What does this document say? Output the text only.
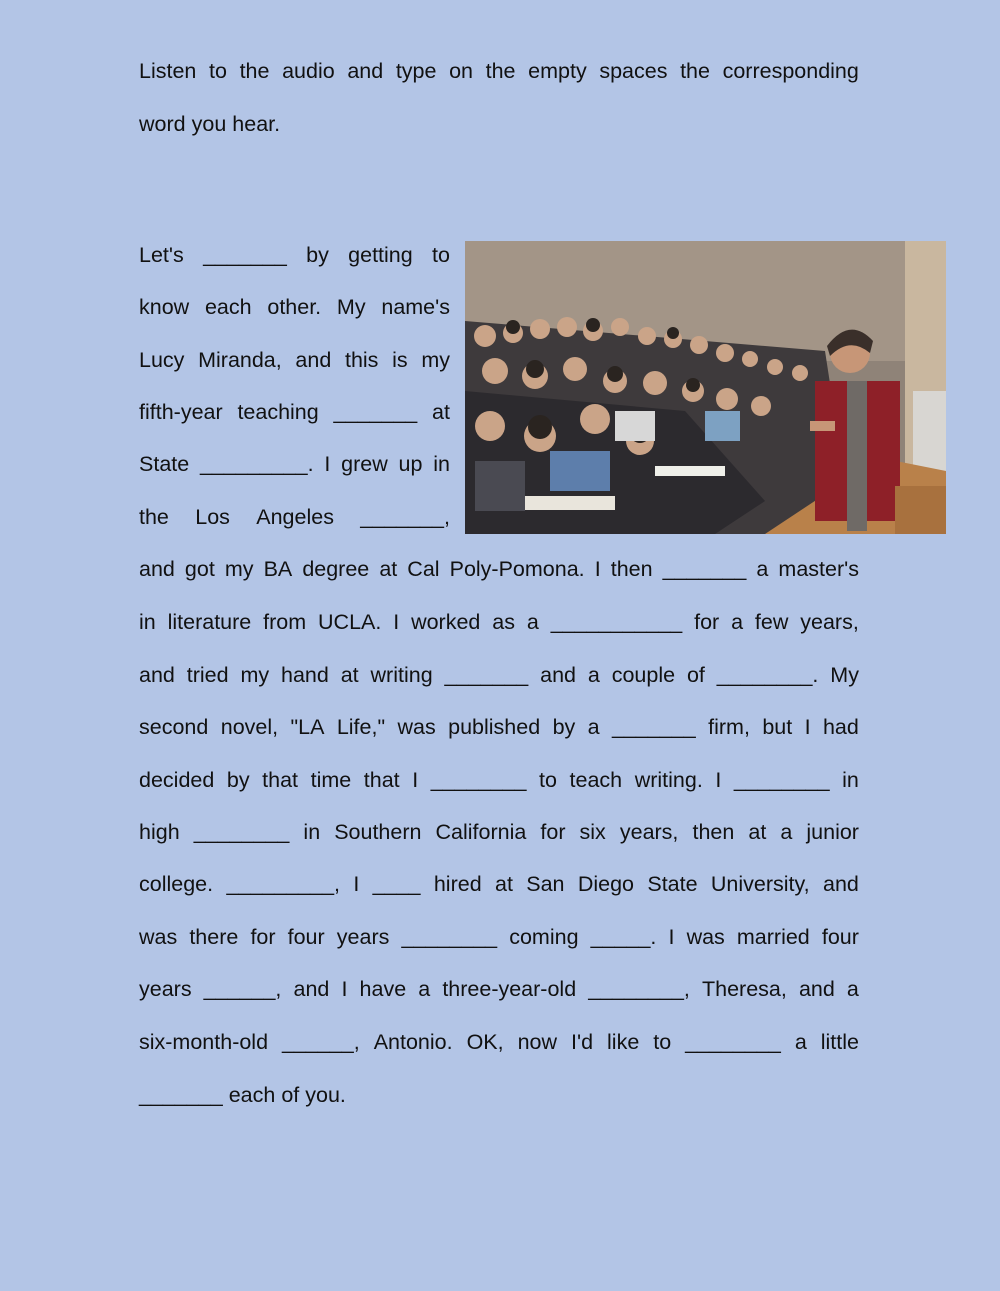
Listen to the audio and type on the empty spaces the corresponding
word you hear.
Let's _______ by getting to
know each other. My name's
Lucy Miranda, and this is my
fifth-year teaching _______ at
State _________. I grew up in
the Los Angeles _______,
and got my BA degree at Cal Poly-Pomona. I then _______ a master's
in literature from UCLA. I worked as a ___________ for a few years,
and tried my hand at writing _______ and a couple of ________. My
second novel, "LA Life," was published by a _______ firm, but I had
decided by that time that I ________ to teach writing. I ________ in
high ________ in Southern California for six years, then at a junior
college. _________, I ____ hired at San Diego State University, and
was there for four years ________ coming _____. I was married four
years ______, and I have a three-year-old ________, Theresa, and a
six-month-old ______, Antonio. OK, now I'd like to ________ a little
_______ each of you.
